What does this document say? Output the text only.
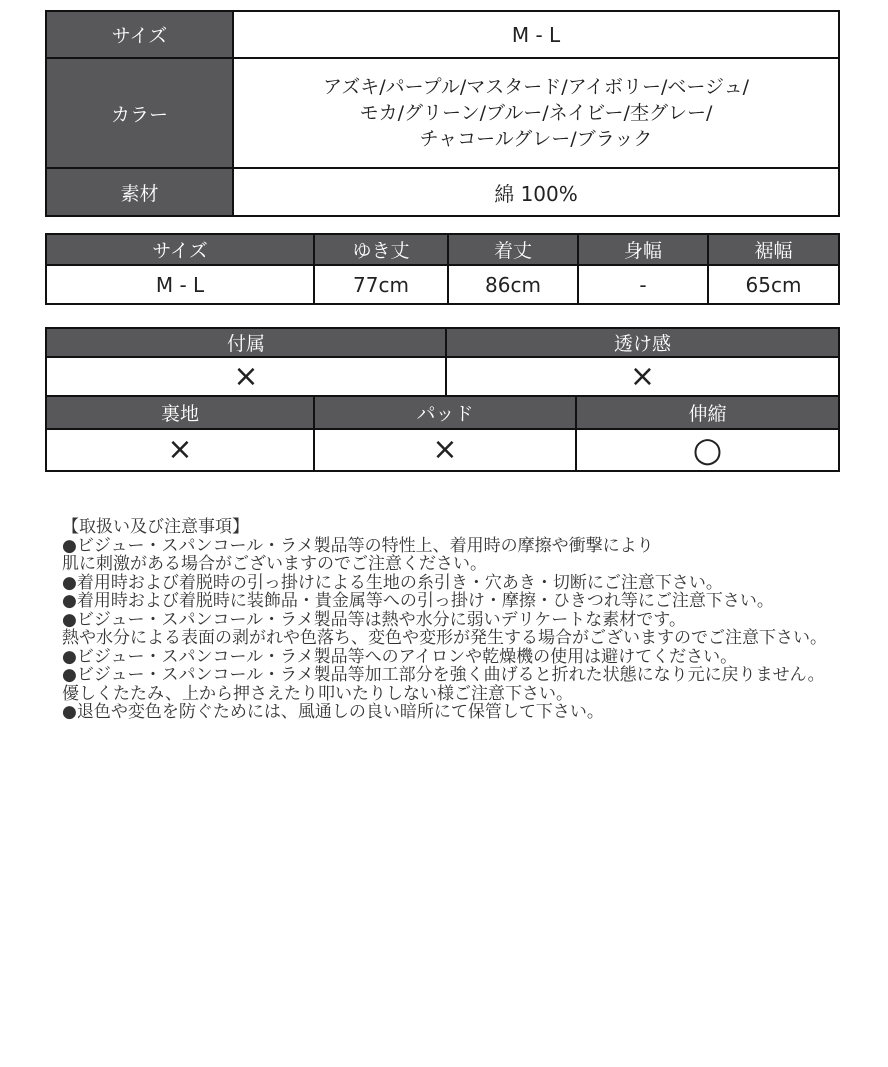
サイズ	M - L
カラー	アズキ/パープル/マスタード/アイボリー/ベージュ/
モカ/グリーン/ブルー/ネイビー/杢グレー/
チャコールグレー/ブラック

素材	綿 100%
サイズ	ゆき丈	着丈	身幅	裾幅
M - L	77cm	86cm	-	65cm
付属	透け感
×	×
裏地	パッド	伸縮
×	×	○
【取扱い及び注意事項】
●ビジュー・スパンコール・ラメ製品等の特性上、着用時の摩擦や衝撃により
肌に刺激がある場合がございますのでご注意ください。
●着用時および着脱時の引っ掛けによる生地の糸引き・穴あき・切断にご注意下さい。
●着用時および着脱時に装飾品・貴金属等への引っ掛け・摩擦・ひきつれ等にご注意下さい。
●ビジュー・スパンコール・ラメ製品等は熱や水分に弱いデリケートな素材です。
熱や水分による表面の剥がれや色落ち、変色や変形が発生する場合がございますのでご注意下さい。
●ビジュー・スパンコール・ラメ製品等へのアイロンや乾燥機の使用は避けてください。
●ビジュー・スパンコール・ラメ製品等加工部分を強く曲げると折れた状態になり元に戻りません。
優しくたたみ、上から押さえたり叩いたりしない様ご注意下さい。
●退色や変色を防ぐためには、風通しの良い暗所にて保管して下さい。
